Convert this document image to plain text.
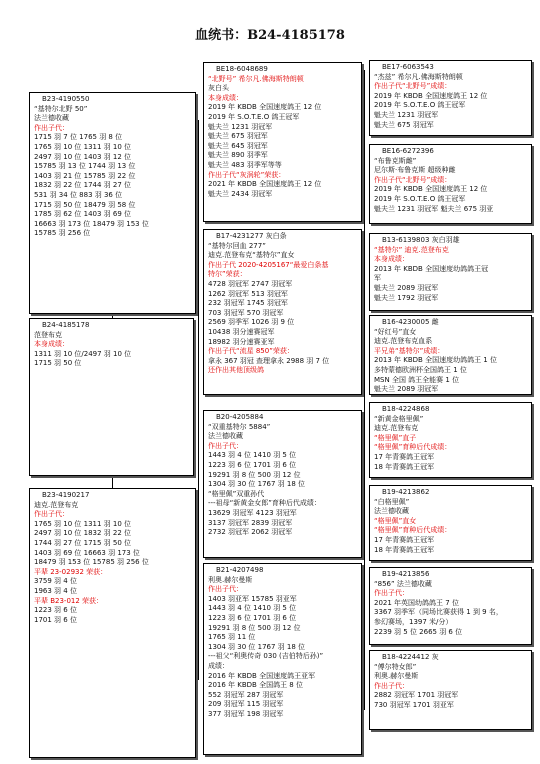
血统书：B24-4185178
B24-4185178
范登布克
本身成绩：
1311 羽 10 位/2497 羽 10 位
1715 羽 50 位
B23-4190550
“基特尔北野 50”
法兰德收藏
作出子代：
1715 羽 7 位 1765 羽 8 位
1765 羽 10 位 1311 羽 10 位
2497 羽 10 位 1403 羽 12 位
15785 羽 13 位 1744 羽 13 位
1403 羽 21 位 15785 羽 22 位
1832 羽 22 位 1744 羽 27 位
531 羽 34 位 883 羽 36 位
1715 羽 50 位 18479 羽 58 位
1785 羽 62 位 1403 羽 69 位
16663 羽 173 位 18479 羽 153 位
15785 羽 256 位
B23-4190217
迪克.范登布克
作出子代：
1765 羽 10 位 1311 羽 10 位
2497 羽 10 位 1832 羽 22 位
1744 羽 27 位 1715 羽 50 位
1403 羽 69 位 16663 羽 173 位
18479 羽 153 位 15785 羽 256 位
平辈 23-02932 荣获：
3759 羽 4 位
1963 羽 4 位
平辈 B23-012 荣获：
1223 羽 6 位
1701 羽 6 位
BE18-6048689
“北野号” 希尔凡.佛海斯特朗顿
灰白头
本身成绩：
2019 年 KBDB 全国速度鸽王 12 位
2019 年 S.O.T.E.O 鸽王冠军
魁夫兰 1231 羽冠军
魁夫兰 675 羽冠军
魁夫兰 645 羽冠军
魁夫兰 890 羽季军
魁夫兰 483 羽季军等等
作出子代“灰涡轮”荣获：
2021 年 KBDB 全国速度鸽王 12 位
魁夫兰 2434 羽冠军
B17-4231277 灰白条
“基特尔回血 277”
迪克.范登布克“基特尔”直女
作出子代 2020-4205167“最爱白条基
特尔”荣获：
4728 羽冠军 2747 羽冠军
1262 羽冠军 513 羽冠军
232 羽冠军 1745 羽冠军
703 羽冠军 570 羽冠军
2569 羽季军 1026 羽 9 位
10438 羽分速赛冠军
18982 羽分速赛亚军
作出子代“流星 850”荣获：
拿永 367 羽冠 查理拿永 2988 羽 7 位
还作出其他顶级鸽
B20-4205884
“双重基特尔 5884”
法兰德收藏
作出子代：
1443 羽 4 位 1410 羽 5 位
1223 羽 6 位 1701 羽 6 位
19291 羽 8 位 500 羽 12 位
1304 羽 30 位 1767 羽 18 位
“格里佩”双重孙代
---祖母“新黄金女郎”育种后代成绩：
13629 羽冠军 4123 羽冠军
3137 羽冠军 2839 羽冠军
2732 羽冠军 2062 羽冠军
B21-4207498
利奥.赫尔曼斯
作出子代：
1403 羽亚军 15785 羽亚军
1443 羽 4 位 1410 羽 5 位
1223 羽 6 位 1701 羽 6 位
19291 羽 8 位 500 羽 12 位
1765 羽 11 位
1304 羽 30 位 1767 羽 18 位
---祖父“利奥传奇 030 (吉伯特后孙)”
成绩：
2016 年 KBDB 全国速度鸽王亚军
2016 年 KBDB 全国鸽王 8 位
552 羽冠军 287 羽冠军
209 羽冠军 115 羽冠军
377 羽冠军 198 羽冠军
BE17-6063543
“杰兹” 希尔凡.佛海斯特朗顿
作出子代“北野号”成绩：
2019 年 KBDB 全国速度鸽王 12 位
2019 年 S.O.T.E.O 鸽王冠军
魁夫兰 1231 羽冠军
魁夫兰 675 羽冠军
BE16-6272396
“布鲁克斯雌”
尼尔斯·布鲁克斯 超级种雌
作出子代“北野号”成绩：
2019 年 KBDB 全国速度鸽王 12 位
2019 年 S.O.T.E.O 鸽王冠军
魁夫兰 1231 羽冠军 魁夫兰 675 羽亚
B13-6139803 灰白羽雄
“基特尔” 迪克.范登布克
本身成绩：
2013 年 KBDB 全国速度幼鸽鸽王冠
军
魁夫兰 2089 羽冠军
魁夫兰 1792 羽冠军
B16-4230005 雌
“好红号”直女
迪克.范登布克血系
平兄弟“基特尔”成绩：
2013 年 KBDB 全国速度幼鸽鸽王 1 位
多特蒙德欧洲杯全国鸽王 1 位
MSN 全国 鸽王全能赛 1 位
魁夫兰 2089 羽冠军
B18-4224868
“新黄金格里佩”
迪克.范登布克
“格里佩”直子
“格里佩”育种后代成绩：
17 年青赛鸽王冠军
18 年青赛鸽王冠军
B19-4213862
“白格里佩”
法兰德收藏
“格里佩”直女
“格里佩”育种后代成绩：
17 年青赛鸽王冠军
18 年青赛鸽王冠军
B19-4213856
“856” 法兰德收藏
作出子代：
2021 年英国幼鸽鸽王 7 位
3367 羽季军（同场比赛获得 1 到 9 名，
参幻赛场，1397 米/分）
2239 羽 5 位 2665 羽 6 位
B18-4224412 灰
“傅尔特女郎”
利奥.赫尔曼斯
作出子代：
2882 羽冠军 1701 羽冠军
730 羽冠军 1701 羽亚军
